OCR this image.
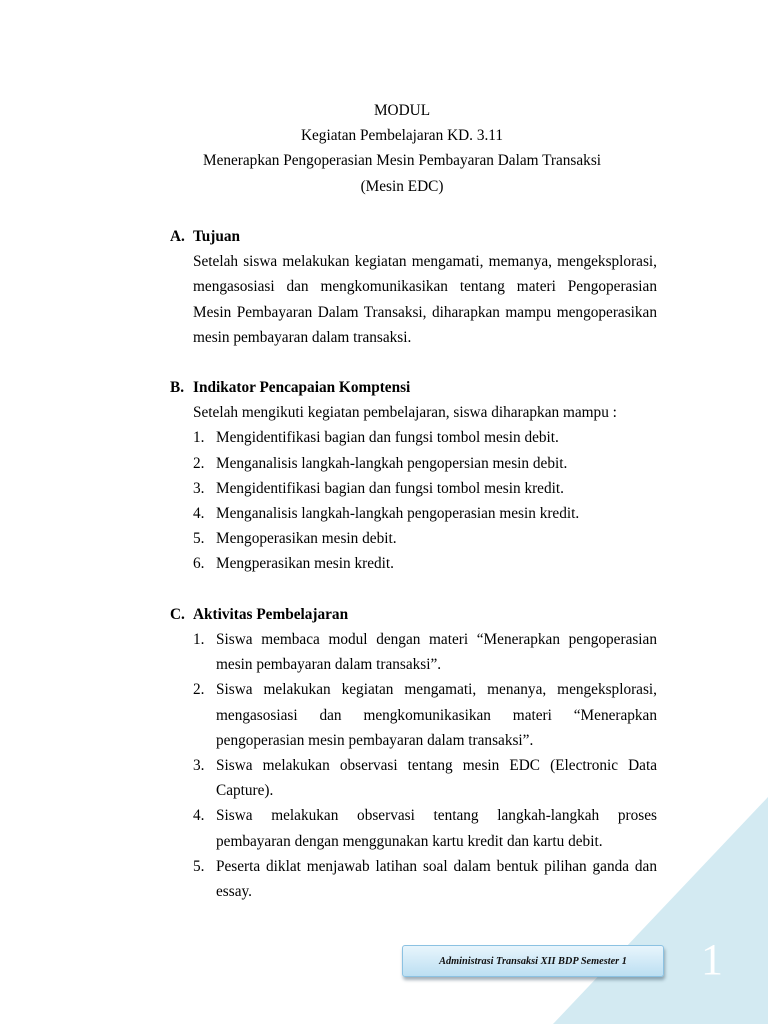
MODUL
Kegiatan Pembelajaran KD. 3.11
Menerapkan Pengoperasian Mesin Pembayaran Dalam Transaksi
(Mesin EDC)
A. Tujuan
Setelah siswa melakukan kegiatan mengamati, memanya, mengeksplorasi,
mengasosiasi dan mengkomunikasikan tentang materi Pengoperasian
Mesin Pembayaran Dalam Transaksi, diharapkan mampu mengoperasikan
mesin pembayaran dalam transaksi.
B. Indikator Pencapaian Komptensi
Setelah mengikuti kegiatan pembelajaran, siswa diharapkan mampu :
1. Mengidentifikasi bagian dan fungsi tombol mesin debit.
2. Menganalisis langkah-langkah pengopersian mesin debit.
3. Mengidentifikasi bagian dan fungsi tombol mesin kredit.
4. Menganalisis langkah-langkah pengoperasian mesin kredit.
5. Mengoperasikan mesin debit.
6. Mengperasikan mesin kredit.
C. Aktivitas Pembelajaran
1. Siswa membaca modul dengan materi “Menerapkan pengoperasian
mesin pembayaran dalam transaksi”.
2. Siswa melakukan kegiatan mengamati, menanya, mengeksplorasi,
mengasosiasi dan mengkomunikasikan materi “Menerapkan
pengoperasian mesin pembayaran dalam transaksi”.
3. Siswa melakukan observasi tentang mesin EDC (Electronic Data
Capture).
4. Siswa melakukan observasi tentang langkah-langkah proses
pembayaran dengan menggunakan kartu kredit dan kartu debit.
5. Peserta diklat menjawab latihan soal dalam bentuk pilihan ganda dan
essay.
Administrasi Transaksi XII BDP Semester 1 1
